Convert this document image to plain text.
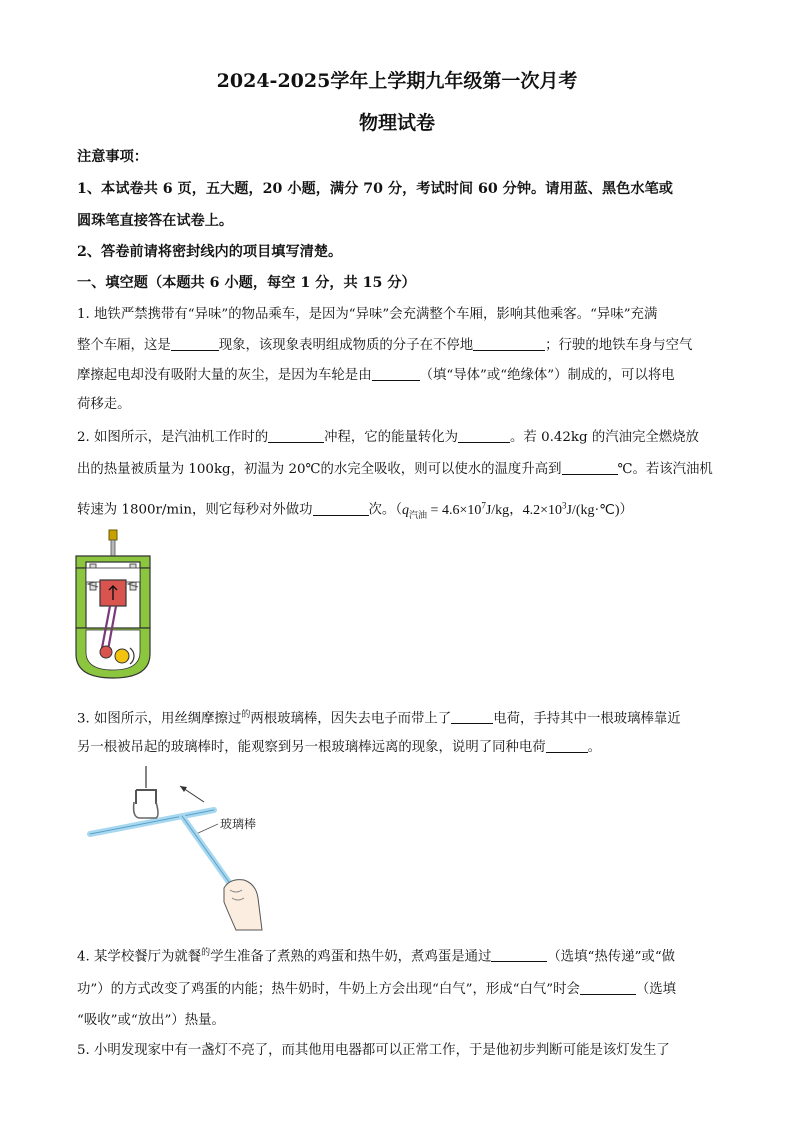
2024-2025学年上学期九年级第一次月考
物理试卷
注意事项：
1、本试卷共 6 页，五大题，20 小题，满分 70 分，考试时间 60 分钟。请用蓝、黑色水笔或
圆珠笔直接答在试卷上。
2、答卷前请将密封线内的项目填写清楚。
一、填空题（本题共 6 小题，每空 1 分，共 15 分）
1. 地铁严禁携带有“异味”的物品乘车，是因为“异味”会充满整个车厢，影响其他乘客。“异味”充满
整个车厢，这是	现象，该现象表明组成物质的分子在不停地	；行驶的地铁车身与空气
摩擦起电却没有吸附大量的灰尘，是因为车轮是由	（填“导体”或“绝缘体”）制成的，可以将电
荷移走。
2. 如图所示，是汽油机工作时的	冲程，它的能量转化为	。若 0.42kg 的汽油完全燃烧放
出的热量被质量为 100kg，初温为 20℃的水完全吸收，则可以使水的温度升高到	℃。若该汽油机
转速为 1800r/min，则它每秒对外做功	次。（$q_{汽油} = 4.6\times 10^7J/kg$，$4.2\times 10^3J/(kg\cdot℃)$）
3. 如图所示，用丝绸摩擦过$^的$两根玻璃棒，因失去电子而带上了	电荷，手持其中一根玻璃棒靠近
另一根被吊起的玻璃棒时，能观察到另一根玻璃棒远离的现象，说明了同种电荷	。
玻璃棒
4. 某学校餐厅为就餐$^的$学生准备了煮熟的鸡蛋和热牛奶，煮鸡蛋是通过	（选填“热传递”或“做
功”）的方式改变了鸡蛋的内能；热牛奶时，牛奶上方会出现“白气”，形成“白气”时会	（选填
“吸收”或“放出”）热量。
5. 小明发现家中有一盏灯不亮了，而其他用电器都可以正常工作，于是他初步判断可能是该灯发生了
